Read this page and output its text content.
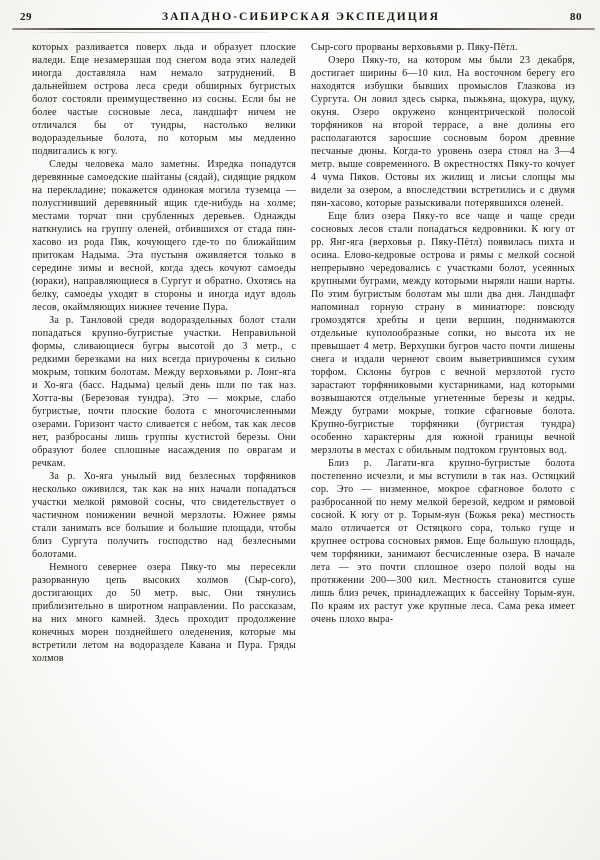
29	ЗАПАДНО-СИБИРСКАЯ ЭКСПЕДИЦИЯ	80

которых разливается поверх льда и образует плоские наледи. Еще незамерзшая под снегом вода этих наледей иногда доставляла нам немало затруднений. В дальнейшем острова леса среди обширных бугристых болот состояли преимущественно из сосны. Если бы не более частые сосновые леса, ландшафт ничем не отличался бы от тундры, настолько велики водораздельные болота, по которым мы медленно подвигались к югу.

Следы человека мало заметны. Изредка попадутся деревянные самоедские шайтаны (сядай), сидящие рядком на перекладине; покажется одинокая могила туземца — полусгнивший деревянный ящик где-нибудь на холме; местами торчат пни срубленных деревьев. Однажды наткнулись на группу оленей, отбившихся от стада пян-хасово из рода Пяк, кочующего где-то по ближайшим притокам Надыма. Эта пустыня оживляется только в середине зимы и весной, когда здесь кочуют самоеды (юраки), направляющиеся в Сургут и обратно. Охотясь на белку, самоеды уходят в стороны и иногда идут вдоль лесов, окаймляющих нижнее течение Пура.

За р. Танловой среди водораздельных болот стали попадаться крупно-бугристые участки. Неправильной формы, сливающиеся бугры высотой до 3 метр., с редкими березками на них всегда приурочены к сильно мокрым, топким болотам. Между верховьями р. Лонг-яга и Хо-яга (басс. Надыма) целый день шли по так наз. Хотта-вы (Березовая тундра). Это — мокрые, слабо бугристые, почти плоские болота с многочисленными озерами. Горизонт часто сливается с небом, так как лесов нет, разбросаны лишь группы кустистой березы. Они образуют более сплошные насаждения по оврагам и речкам.

За р. Хо-яга унылый вид безлесных торфяников несколько оживился, так как на них начали попадаться участки мелкой рямовой сосны, что свидетельствует о частичном понижении вечной мерзлоты. Южнее рямы стали занимать все большие и большие площади, чтобы близ Сургута получить господство над безлесными болотами.

Немного севернее озера Пяку-то мы пересекли разорванную цепь высоких холмов (Сыр-сого), достигающих до 50 метр. выс. Они тянулись приблизительно в широтном направлении. По рассказам, на них много камней. Здесь проходит продолжение конечных морен позднейшего оледенения, которые мы встретили летом на водоразделе Кавана и Пура. Гряды холмов

Сыр-сого прорваны верховьями р. Пяку-Пётл.

Озеро Пяку-то, на котором мы были 23 декабря, достигает ширины 6—10 кил. На восточном берегу его находятся избушки бывших промыслов Глазкова из Сургута. Он ловил здесь сырка, пыжьяна, щокура, щуку, окуня. Озеро окружено концентрической полосой торфяников на второй террасе, а вне долины его располагаются заросшие сосновым бором древние песчаные дюны. Когда-то уровень озера стоял на 3—4 метр. выше современного. В окрестностях Пяку-то кочует 4 чума Пяков. Остовы их жилищ и лисьи слопцы мы видели за озером, а впоследствии встретились и с двумя пян-хасово, которые разыскивали потерявшихся оленей.

Еще близ озера Пяку-то все чаще и чаще среди сосновых лесов стали попадаться кедровники. К югу от рр. Янг-яга (верховья р. Пяку-Пётл) появилась пихта и осина. Елово-кедровые острова и рямы с мелкой сосной непрерывно чередовались с участками болот, усеянных крупными буграми, между которыми ныряли наши нарты. По этим бугристым болотам мы шли два дня. Ландшафт напоминал горную страну в миниатюре: повсюду громоздятся хребты и цепи вершин, поднимаются отдельные куполообразные сопки, но высота их не превышает 4 метр. Верхушки бугров часто почти лишены снега и издали чернеют своим выветрившимся сухим торфом. Склоны бугров с вечной мерзлотой густо зарастают торфяниковыми кустарниками, над которыми возвышаются отдельные угнетенные березы и кедры. Между буграми мокрые, топкие сфагновые болота. Крупно-бугристые торфяники (бугристая тундра) особенно характерны для южной границы вечной мерзлоты в местах с обильным подтоком грунтовых вод.

Близ р. Лагати-яга крупно-бугристые болота постепенно исчезли, и мы вступили в так наз. Остяцкий сор. Это — низменное, мокрое сфагновое болото с разбросанной по нему мелкой березой, кедром и рямовой сосной. К югу от р. Торым-яун (Божья река) местность мало отличается от Остяцкого сора, только гуще и крупнее острова сосновых рямов. Еще большую площадь, чем торфяники, занимают бесчисленные озера. В начале лета — это почти сплошное озеро полой воды на протяжении 200—300 кил. Местность становится суше лишь близ речек, принадлежащих к бассейну Торым-яун. По краям их растут уже крупные леса. Сама река имеет очень плохо выра-
